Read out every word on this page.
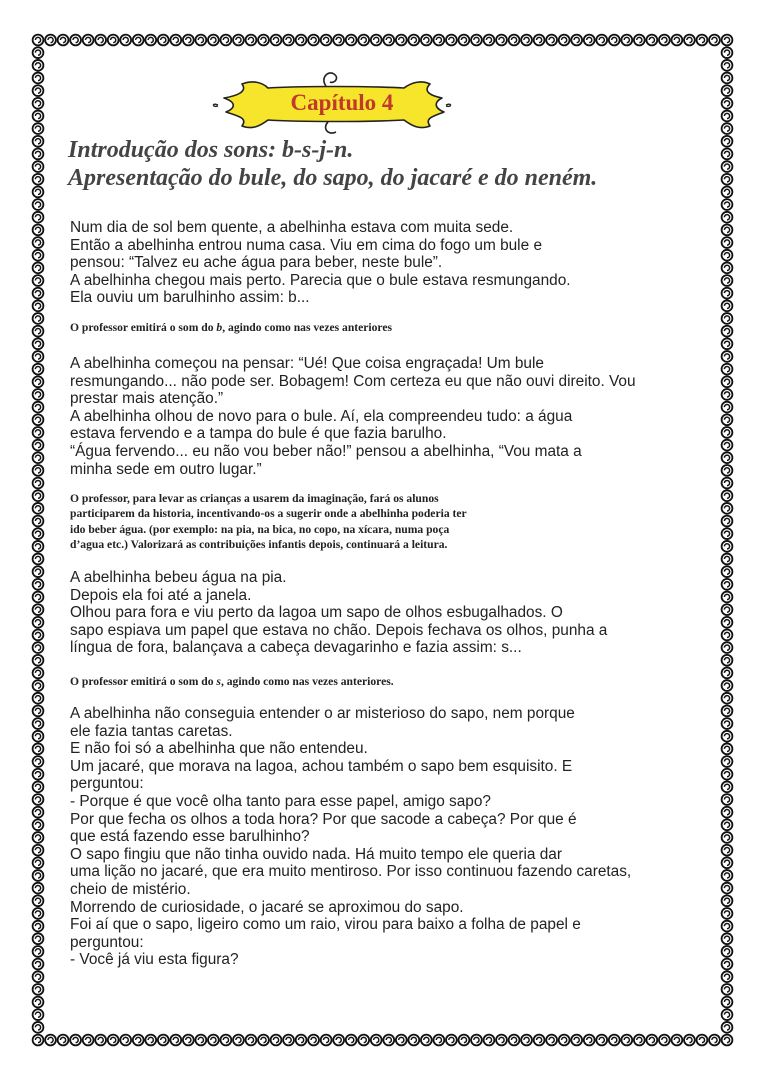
Capítulo 4
Introdução dos sons: b-s-j-n.
Apresentação do bule, do sapo, do jacaré e do neném.
Num dia de sol bem quente, a abelhinha estava com muita sede.
Então a abelhinha entrou numa casa. Viu em cima do fogo um bule e
pensou: “Talvez eu ache água para beber, neste bule”.
A abelhinha chegou mais perto. Parecia que o bule estava resmungando.
Ela ouviu um barulhinho assim: b...
O professor emitirá o som do b, agindo como nas vezes anteriores
A abelhinha começou na pensar: “Ué! Que coisa engraçada! Um bule
resmungando... não pode ser. Bobagem! Com certeza eu que não ouvi direito. Vou
prestar mais atenção.”
A abelhinha olhou de novo para o bule. Aí, ela compreendeu tudo: a água
estava fervendo e a tampa do bule é que fazia barulho.
“Água fervendo... eu não vou beber não!” pensou a abelhinha, “Vou mata a
minha sede em outro lugar.”
O professor, para levar as crianças a usarem da imaginação, fará os alunos
participarem da historia, incentivando-os a sugerir onde a abelhinha poderia ter
ido beber água. (por exemplo: na pia, na bica, no copo, na xícara, numa poça
d’agua etc.) Valorizará as contribuições infantis depois, continuará a leitura.
A abelhinha bebeu água na pia.
Depois ela foi até a janela.
Olhou para fora e viu perto da lagoa um sapo de olhos esbugalhados. O
sapo espiava um papel que estava no chão. Depois fechava os olhos, punha a
língua de fora, balançava a cabeça devagarinho e fazia assim: s...
O professor emitirá o som do s, agindo como nas vezes anteriores.
A abelhinha não conseguia entender o ar misterioso do sapo, nem porque
ele fazia tantas caretas.
E não foi só a abelhinha que não entendeu.
Um jacaré, que morava na lagoa, achou também o sapo bem esquisito. E
perguntou:
- Porque é que você olha tanto para esse papel, amigo sapo?
Por que fecha os olhos a toda hora? Por que sacode a cabeça? Por que é
que está fazendo esse barulhinho?
O sapo fingiu que não tinha ouvido nada. Há muito tempo ele queria dar
uma lição no jacaré, que era muito mentiroso. Por isso continuou fazendo caretas,
cheio de mistério.
Morrendo de curiosidade, o jacaré se aproximou do sapo.
Foi aí que o sapo, ligeiro como um raio, virou para baixo a folha de papel e
perguntou:
- Você já viu esta figura?
